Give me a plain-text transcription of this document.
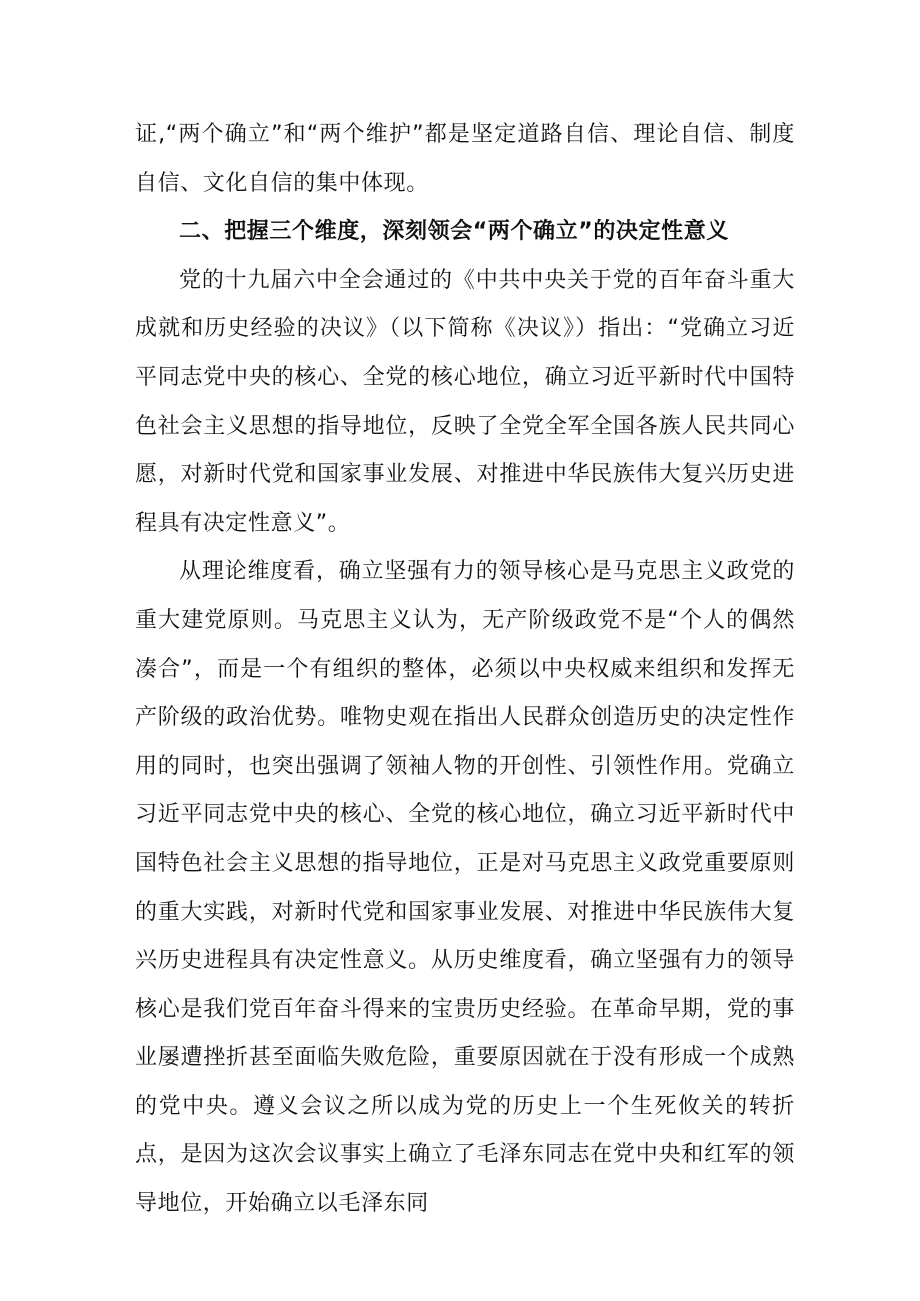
证,“两个确立”和“两个维护”都是坚定道路自信、理论自信、制度自信、文化自信的集中体现。

二、把握三个维度，深刻领会“两个确立”的决定性意义

党的十九届六中全会通过的《中共中央关于党的百年奋斗重大成就和历史经验的决议》（以下简称《决议》）指出：“党确立习近平同志党中央的核心、全党的核心地位，确立习近平新时代中国特色社会主义思想的指导地位，反映了全党全军全国各族人民共同心愿，对新时代党和国家事业发展、对推进中华民族伟大复兴历史进程具有决定性意义”。

从理论维度看，确立坚强有力的领导核心是马克思主义政党的重大建党原则。马克思主义认为，无产阶级政党不是“个人的偶然凑合”，而是一个有组织的整体，必须以中央权威来组织和发挥无产阶级的政治优势。唯物史观在指出人民群众创造历史的决定性作用的同时，也突出强调了领袖人物的开创性、引领性作用。党确立习近平同志党中央的核心、全党的核心地位，确立习近平新时代中国特色社会主义思想的指导地位，正是对马克思主义政党重要原则的重大实践，对新时代党和国家事业发展、对推进中华民族伟大复兴历史进程具有决定性意义。从历史维度看，确立坚强有力的领导核心是我们党百年奋斗得来的宝贵历史经验。在革命早期，党的事业屡遭挫折甚至面临失败危险，重要原因就在于没有形成一个成熟的党中央。遵义会议之所以成为党的历史上一个生死攸关的转折点，是因为这次会议事实上确立了毛泽东同志在党中央和红军的领导地位，开始确立以毛泽东同
